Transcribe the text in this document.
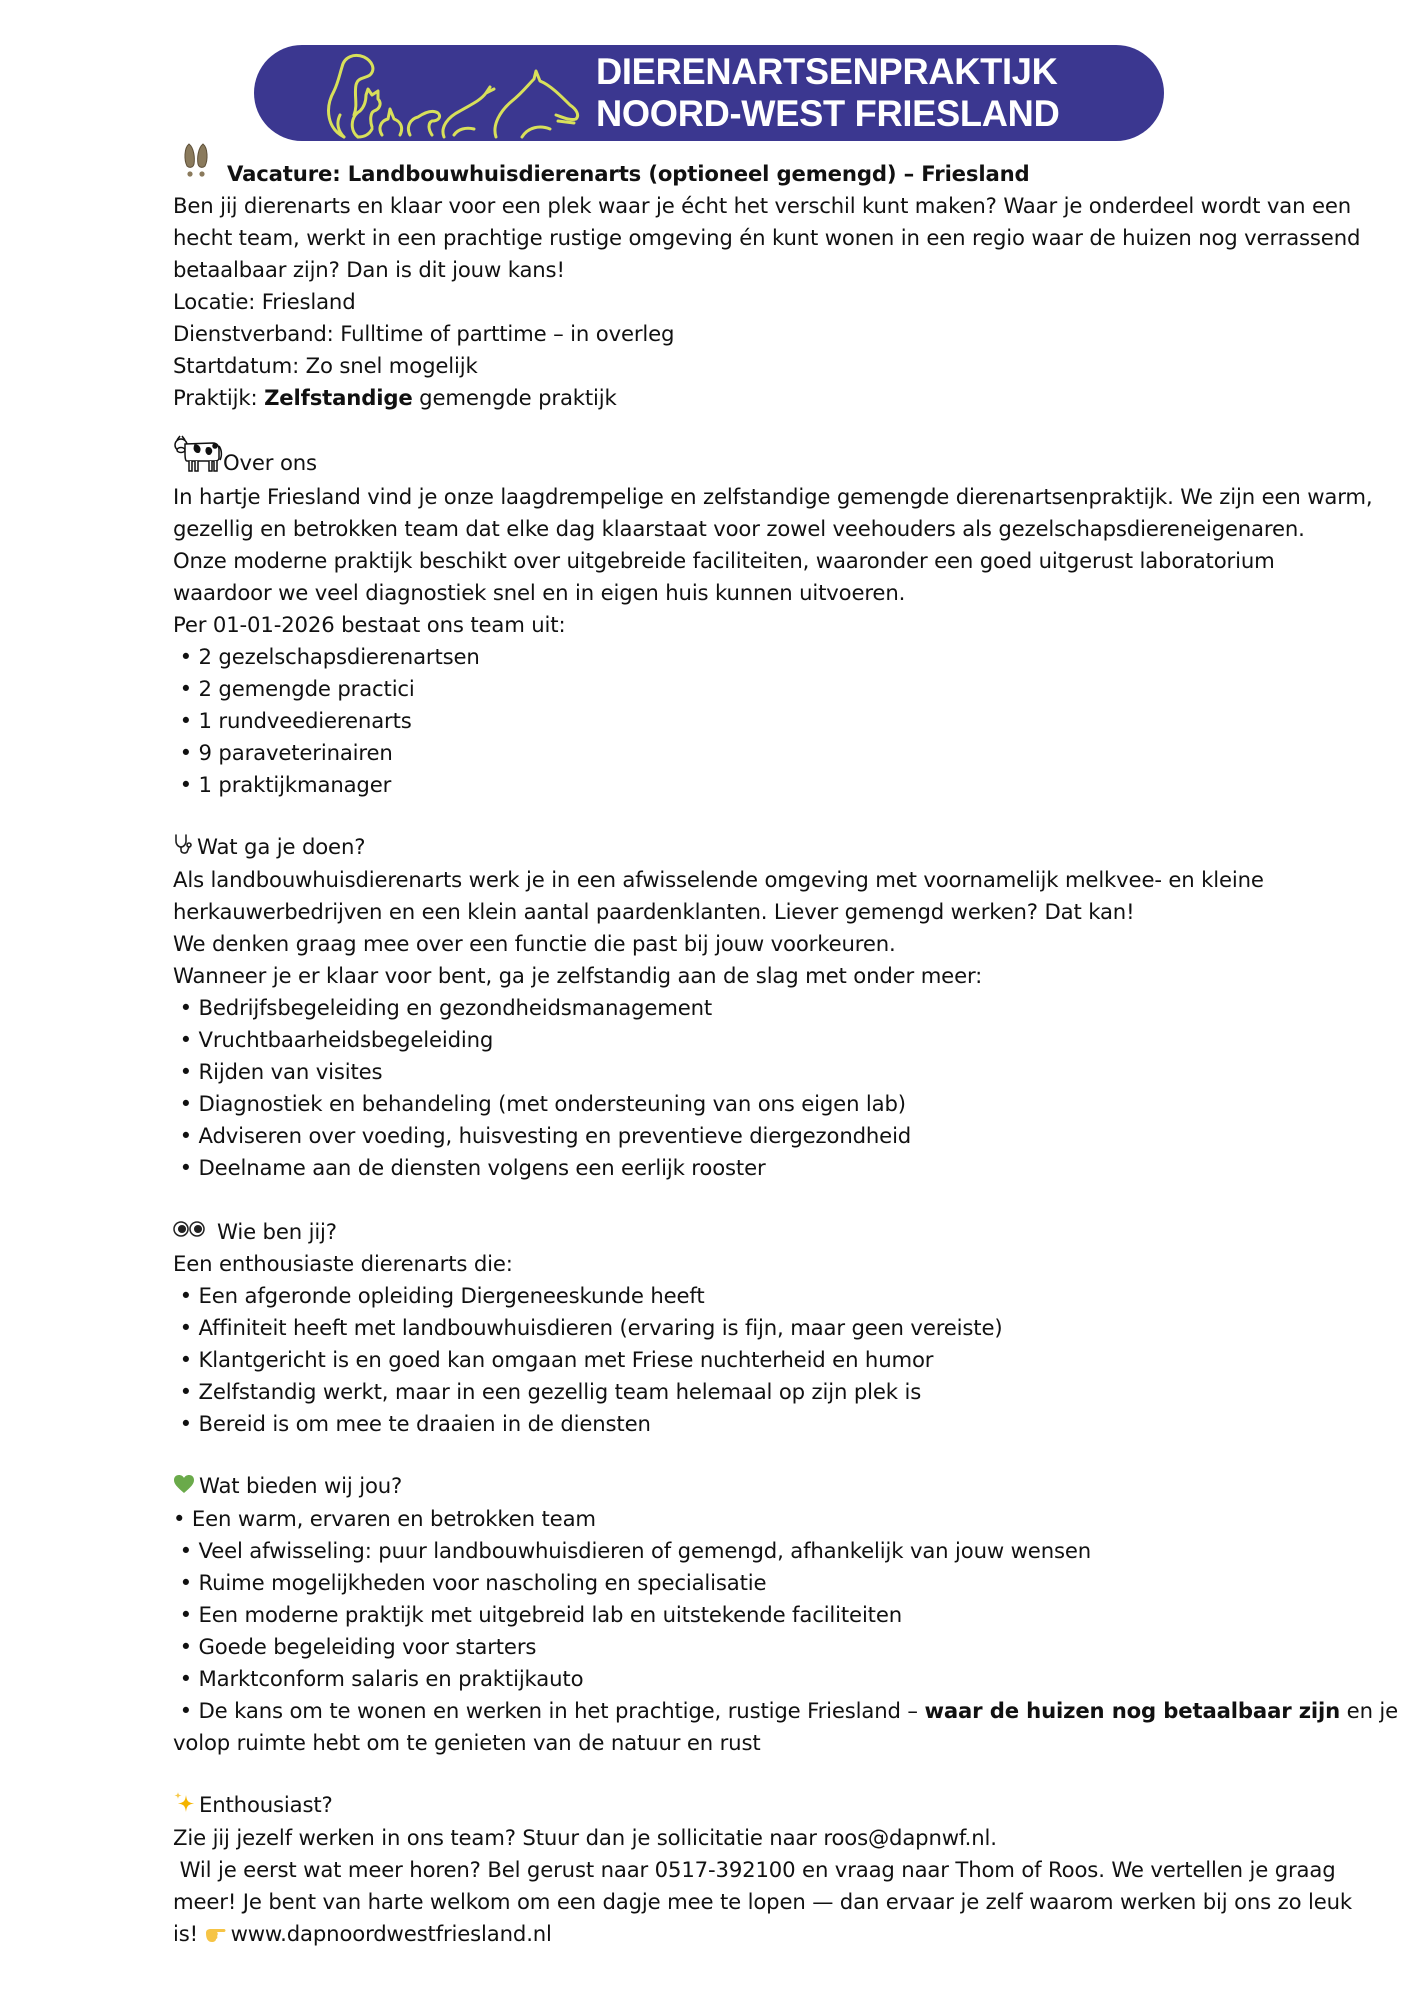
DIERENARTSENPRAKTIJK
NOORD-WEST FRIESLAND
Vacature: Landbouwhuisdierenarts (optioneel gemengd) – Friesland
Ben jij dierenarts en klaar voor een plek waar je écht het verschil kunt maken? Waar je onderdeel wordt van een
hecht team, werkt in een prachtige rustige omgeving én kunt wonen in een regio waar de huizen nog verrassend
betaalbaar zijn? Dan is dit jouw kans!
Locatie: Friesland
Dienstverband: Fulltime of parttime – in overleg
Startdatum: Zo snel mogelijk
Praktijk: Zelfstandige gemengde praktijk
Over ons
In hartje Friesland vind je onze laagdrempelige en zelfstandige gemengde dierenartsenpraktijk. We zijn een warm,
gezellig en betrokken team dat elke dag klaarstaat voor zowel veehouders als gezelschapsdiereneigenaren.
Onze moderne praktijk beschikt over uitgebreide faciliteiten, waaronder een goed uitgerust laboratorium
waardoor we veel diagnostiek snel en in eigen huis kunnen uitvoeren.
Per 01-01-2026 bestaat ons team uit:
• 2 gezelschapsdierenartsen
• 2 gemengde practici
• 1 rundveedierenarts
• 9 paraveterinairen
• 1 praktijkmanager
Wat ga je doen?
Als landbouwhuisdierenarts werk je in een afwisselende omgeving met voornamelijk melkvee- en kleine
herkauwerbedrijven en een klein aantal paardenklanten. Liever gemengd werken? Dat kan!
We denken graag mee over een functie die past bij jouw voorkeuren.
Wanneer je er klaar voor bent, ga je zelfstandig aan de slag met onder meer:
• Bedrijfsbegeleiding en gezondheidsmanagement
• Vruchtbaarheidsbegeleiding
• Rijden van visites
• Diagnostiek en behandeling (met ondersteuning van ons eigen lab)
• Adviseren over voeding, huisvesting en preventieve diergezondheid
• Deelname aan de diensten volgens een eerlijk rooster
Wie ben jij?
Een enthousiaste dierenarts die:
• Een afgeronde opleiding Diergeneeskunde heeft
• Affiniteit heeft met landbouwhuisdieren (ervaring is fijn, maar geen vereiste)
• Klantgericht is en goed kan omgaan met Friese nuchterheid en humor
• Zelfstandig werkt, maar in een gezellig team helemaal op zijn plek is
• Bereid is om mee te draaien in de diensten
Wat bieden wij jou?
• Een warm, ervaren en betrokken team
• Veel afwisseling: puur landbouwhuisdieren of gemengd, afhankelijk van jouw wensen
• Ruime mogelijkheden voor nascholing en specialisatie
• Een moderne praktijk met uitgebreid lab en uitstekende faciliteiten
• Goede begeleiding voor starters
• Marktconform salaris en praktijkauto
• De kans om te wonen en werken in het prachtige, rustige Friesland – waar de huizen nog betaalbaar zijn en je
volop ruimte hebt om te genieten van de natuur en rust
Enthousiast?
Zie jij jezelf werken in ons team? Stuur dan je sollicitatie naar roos@dapnwf.nl.
Wil je eerst wat meer horen? Bel gerust naar 0517-392100 en vraag naar Thom of Roos. We vertellen je graag
meer! Je bent van harte welkom om een dagje mee te lopen — dan ervaar je zelf waarom werken bij ons zo leuk
is! www.dapnoordwestfriesland.nl
